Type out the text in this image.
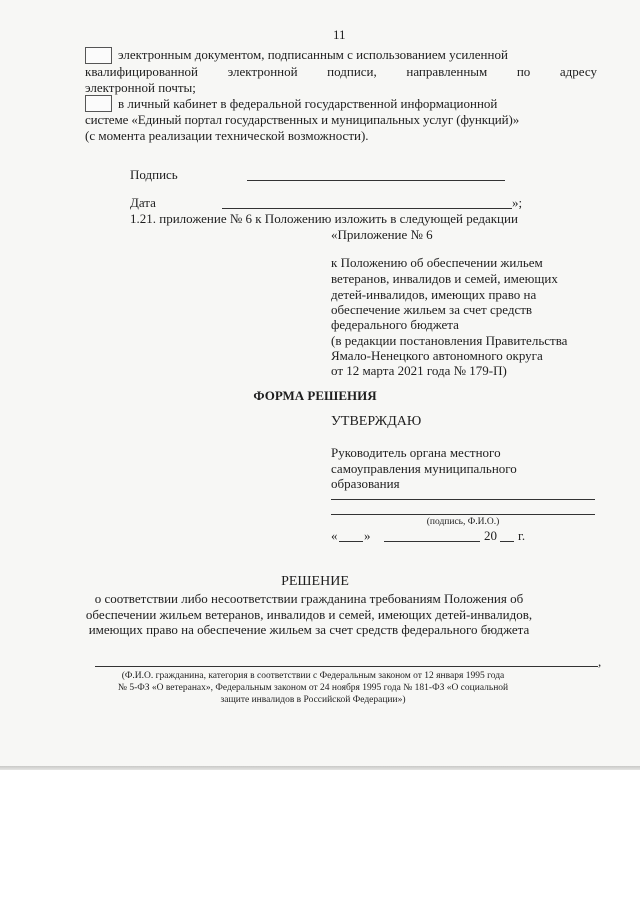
11
электронным документом, подписанным с использованием усиленной
квалифицированной электронной подписи, направленным по адресу
электронной почты;
в личный кабинет в федеральной государственной информационной
системе «Единый портал государственных и муниципальных услуг (функций)»
(с момента реализации технической возможности).
Подпись
Дата	»;
1.21. приложение № 6 к Положению изложить в следующей редакции
«Приложение № 6
к Положению об обеспечении жильем
ветеранов, инвалидов и семей, имеющих
детей-инвалидов, имеющих право на
обеспечение жильем за счет средств
федерального бюджета
(в редакции постановления Правительства
Ямало-Ненецкого автономного округа
от 12 марта 2021 года № 179-П)
ФОРМА РЕШЕНИЯ
УТВЕРЖДАЮ
Руководитель органа местного
самоуправления муниципального
образования
(подпись, Ф.И.О.)
« »	20 г.
РЕШЕНИЕ
о соответствии либо несоответствии гражданина требованиям Положения об
обеспечении жильем ветеранов, инвалидов и семей, имеющих детей-инвалидов,
имеющих право на обеспечение жильем за счет средств федерального бюджета
,
(Ф.И.О. гражданина, категория в соответствии с Федеральным законом от 12 января 1995 года
№ 5-ФЗ «О ветеранах», Федеральным законом от 24 ноября 1995 года № 181-ФЗ «О социальной
защите инвалидов в Российской Федерации»)
